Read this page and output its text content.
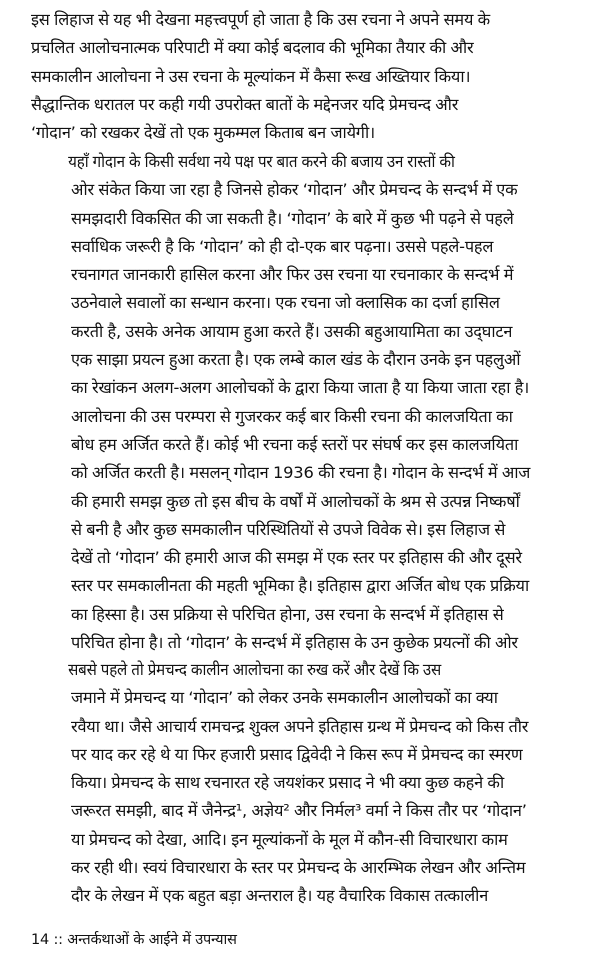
इस लिहाज से यह भी देखना महत्त्वपूर्ण हो जाता है कि उस रचना ने अपने समय के
प्रचलित आलोचनात्मक परिपाटी में क्या कोई बदलाव की भूमिका तैयार की और
समकालीन आलोचना ने उस रचना के मूल्यांकन में कैसा रूख अख्तियार किया।
सैद्धान्तिक धरातल पर कही गयी उपरोक्त बातों के मद्देनजर यदि प्रेमचन्द और
‘गोदान’ को रखकर देखें तो एक मुकम्मल किताब बन जायेगी।
यहाँ गोदान के किसी सर्वथा नये पक्ष पर बात करने की बजाय उन रास्तों की
ओर संकेत किया जा रहा है जिनसे होकर ‘गोदान’ और प्रेमचन्द के सन्दर्भ में एक
समझदारी विकसित की जा सकती है। ‘गोदान’ के बारे में कुछ भी पढ़ने से पहले
सर्वाधिक जरूरी है कि ‘गोदान’ को ही दो-एक बार पढ़ना। उससे पहले-पहल
रचनागत जानकारी हासिल करना और फिर उस रचना या रचनाकार के सन्दर्भ में
उठनेवाले सवालों का सन्धान करना। एक रचना जो क्लासिक का दर्जा हासिल
करती है, उसके अनेक आयाम हुआ करते हैं। उसकी बहुआयामिता का उद्‌घाटन
एक साझा प्रयत्न हुआ करता है। एक लम्बे काल खंड के दौरान उनके इन पहलुओं
का रेखांकन अलग-अलग आलोचकों के द्वारा किया जाता है या किया जाता रहा है।
आलोचना की उस परम्परा से गुजरकर कई बार किसी रचना की कालजयिता का
बोध हम अर्जित करते हैं। कोई भी रचना कई स्तरों पर संघर्ष कर इस कालजयिता
को अर्जित करती है। मसलन् गोदान 1936 की रचना है। गोदान के सन्दर्भ में आज
की हमारी समझ कुछ तो इस बीच के वर्षों में आलोचकों के श्रम से उत्पन्न निष्कर्षों
से बनी है और कुछ समकालीन परिस्थितियों से उपजे विवेक से। इस लिहाज से
देखें तो ‘गोदान’ की हमारी आज की समझ में एक स्तर पर इतिहास की और दूसरे
स्तर पर समकालीनता की महती भूमिका है। इतिहास द्वारा अर्जित बोध एक प्रक्रिया
का हिस्सा है। उस प्रक्रिया से परिचित होना, उस रचना के सन्दर्भ में इतिहास से
परिचित होना है। तो ‘गोदान’ के सन्दर्भ में इतिहास के उन कुछेक प्रयत्नों की ओर
सबसे पहले तो प्रेमचन्द कालीन आलोचना का रुख करें और देखें कि उस
जमाने में प्रेमचन्द या ‘गोदान’ को लेकर उनके समकालीन आलोचकों का क्या
रवैया था। जैसे आचार्य रामचन्द्र शुक्ल अपने इतिहास ग्रन्थ में प्रेमचन्द को किस तौर
पर याद कर रहे थे या फिर हजारी प्रसाद द्विवेदी ने किस रूप में प्रेमचन्द का स्मरण
किया। प्रेमचन्द के साथ रचनारत रहे जयशंकर प्रसाद ने भी क्या कुछ कहने की
जरूरत समझी, बाद में जैनेन्द्र¹, अज्ञेय² और निर्मल³ वर्मा ने किस तौर पर ‘गोदान’
या प्रेमचन्द को देखा, आदि। इन मूल्यांकनों के मूल में कौन-सी विचारधारा काम
कर रही थी। स्वयं विचारधारा के स्तर पर प्रेमचन्द के आरम्भिक लेखन और अन्तिम
दौर के लेखन में एक बहुत बड़ा अन्तराल है। यह वैचारिक विकास तत्कालीन
14 :: अन्तर्कथाओं के आईने में उपन्यास
